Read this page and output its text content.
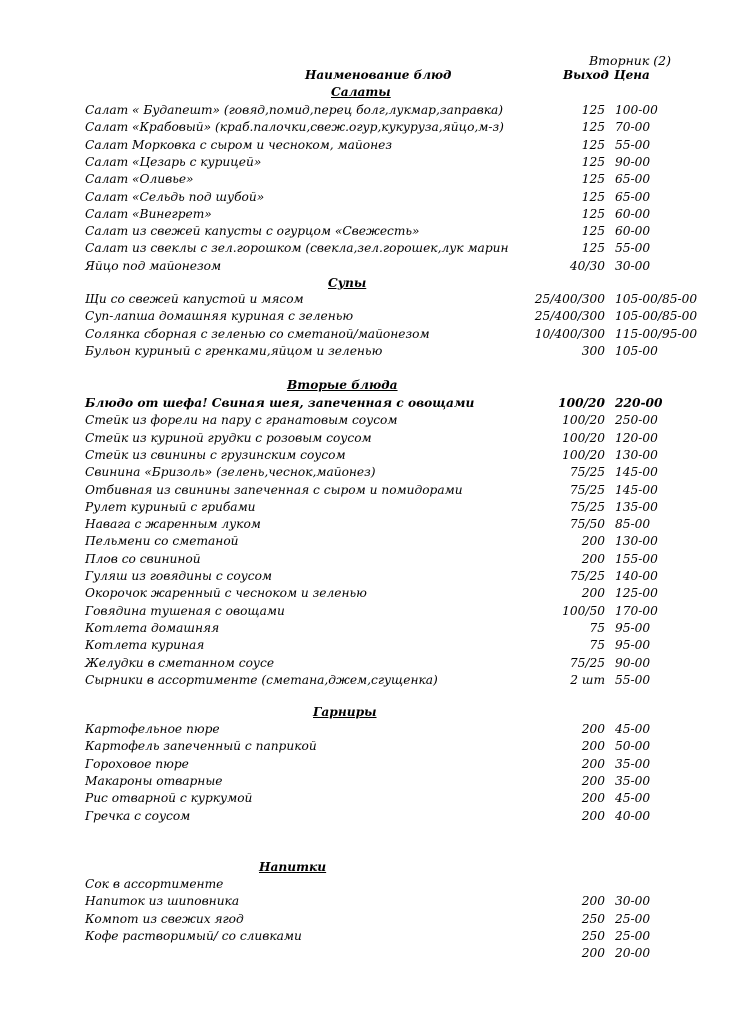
Вторник (2)
Наименование блюд	Выход Цена
Салаты
Супы
Вторые блюда
Гарниры
Напитки
Салат « Будапешт» (говяд,помид,перец болг,лукмар,заправка)	125 100-00
Салат «Крабовый» (краб.палочки,свеж.огур,кукуруза,яйцо,м-з)	125 70-00
Салат Морковка с сыром и чесноком, майонез	125 55-00
Салат «Цезарь с курицей»	125 90-00
Салат «Оливье»	125 65-00
Салат «Сельдь под шубой»	125 65-00
Салат «Винегрет»	125 60-00
Салат из свежей капусты с огурцом «Свежесть»	125 60-00
Салат из свеклы с зел.горошком (свекла,зел.горошек,лук марин	125 55-00
Яйцо под майонезом	40/30 30-00
Щи со свежей капустой и мясом	25/400/300 105-00/85-00
Суп-лапша домашняя куриная с зеленью	25/400/300 105-00/85-00
Солянка сборная с зеленью со сметаной/майонезом	10/400/300 115-00/95-00
Бульон куриный с гренками,яйцом и зеленью	300 105-00
Блюдо от шефа! Свиная шея, запеченная с овощами	100/20 220-00
Стейк из форели на пару с гранатовым соусом	100/20 250-00
Стейк из куриной грудки с розовым соусом	100/20 120-00
Стейк из свинины с грузинским соусом	100/20 130-00
Свинина «Бризоль» (зелень,чеснок,майонез)	75/25 145-00
Отбивная из свинины запеченная с сыром и помидорами	75/25 145-00
Рулет куриный с грибами	75/25 135-00
Навага с жаренным луком	75/50 85-00
Пельмени со сметаной	200 130-00
Плов со свининой	200 155-00
Гуляш из говядины с соусом	75/25 140-00
Окорочок жаренный с чесноком и зеленью	200 125-00
Говядина тушеная с овощами	100/50 170-00
Котлета домашняя	75 95-00
Котлета куриная	75 95-00
Желудки в сметанном соусе	75/25 90-00
Сырники в ассортименте (сметана,джем,сгущенка)	2 шт 55-00
Картофельное пюре	200 45-00
Картофель запеченный с паприкой	200 50-00
Гороховое пюре	200 35-00
Макароны отварные	200 35-00
Рис отварной с куркумой	200 45-00
Гречка с соусом	200 40-00
Сок в ассортименте
Напиток из шиповника	200 30-00
Компот из свежих ягод	250 25-00
Кофе растворимый/ со сливками	250 25-00
200 20-00
